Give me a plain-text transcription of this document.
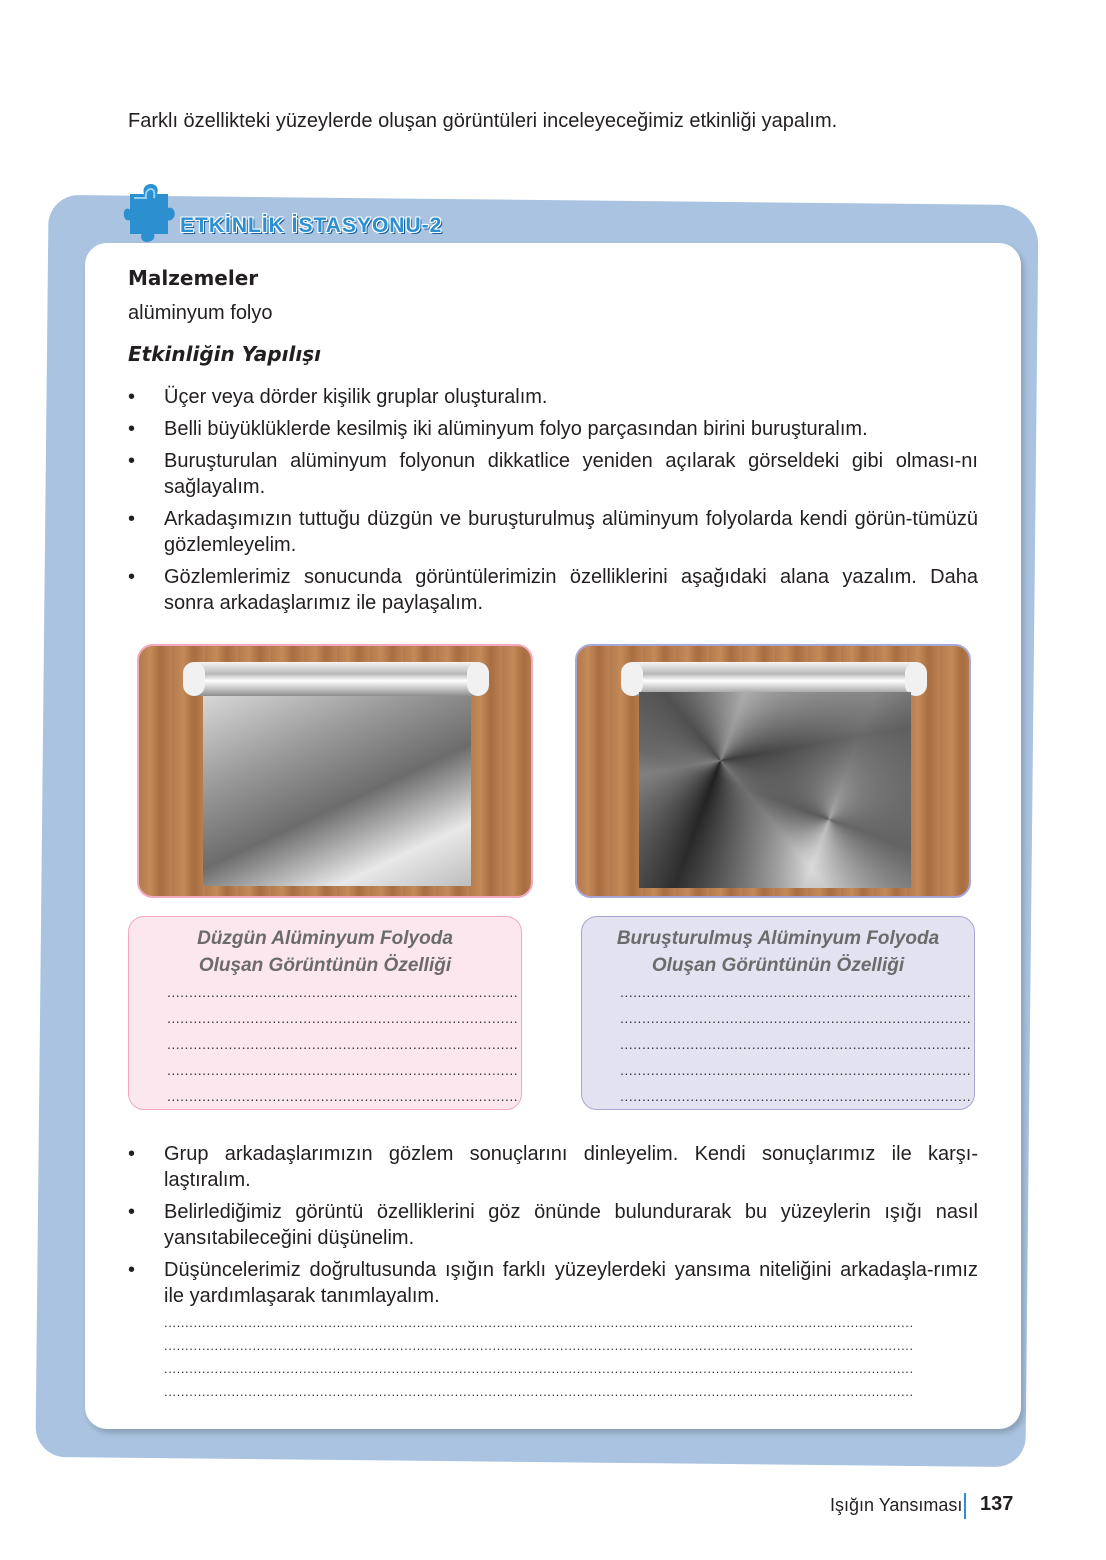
Farklı özellikteki yüzeylerde oluşan görüntüleri inceleyeceğimiz etkinliği yapalım.
ETKİNLİK İSTASYONU-2
Malzemeler
alüminyum folyo
Etkinliğin Yapılışı
• Üçer veya dörder kişilik gruplar oluşturalım.
• Belli büyüklüklerde kesilmiş iki alüminyum folyo parçasından birini buruşturalım.
• Buruşturulan alüminyum folyonun dikkatlice yeniden açılarak görseldeki gibi olması-nı sağlayalım.
• Arkadaşımızın tuttuğu düzgün ve buruşturulmuş alüminyum folyolarda kendi görün-tümüzü gözlemleyelim.
• Gözlemlerimiz sonucunda görüntülerimizin özelliklerini aşağıdaki alana yazalım. Daha sonra arkadaşlarımız ile paylaşalım.
Düzgün Alüminyum Folyoda Oluşan Görüntünün Özelliği
................................................................................
................................................................................
................................................................................
................................................................................
................................................................................
Buruşturulmuş Alüminyum Folyoda Oluşan Görüntünün Özelliği
................................................................................
................................................................................
................................................................................
................................................................................
................................................................................
• Grup arkadaşlarımızın gözlem sonuçlarını dinleyelim. Kendi sonuçlarımız ile karşı-laştıralım.
• Belirlediğimiz görüntü özelliklerini göz önünde bulundurarak bu yüzeylerin ışığı nasıl yansıtabileceğini düşünelim.
• Düşüncelerimiz doğrultusunda ışığın farklı yüzeylerdeki yansıma niteliğini arkadaşla-rımız ile yardımlaşarak tanımlayalım.
..................................................................................................................................................................................
..................................................................................................................................................................................
..................................................................................................................................................................................
..................................................................................................................................................................................
Işığın Yansıması 137
